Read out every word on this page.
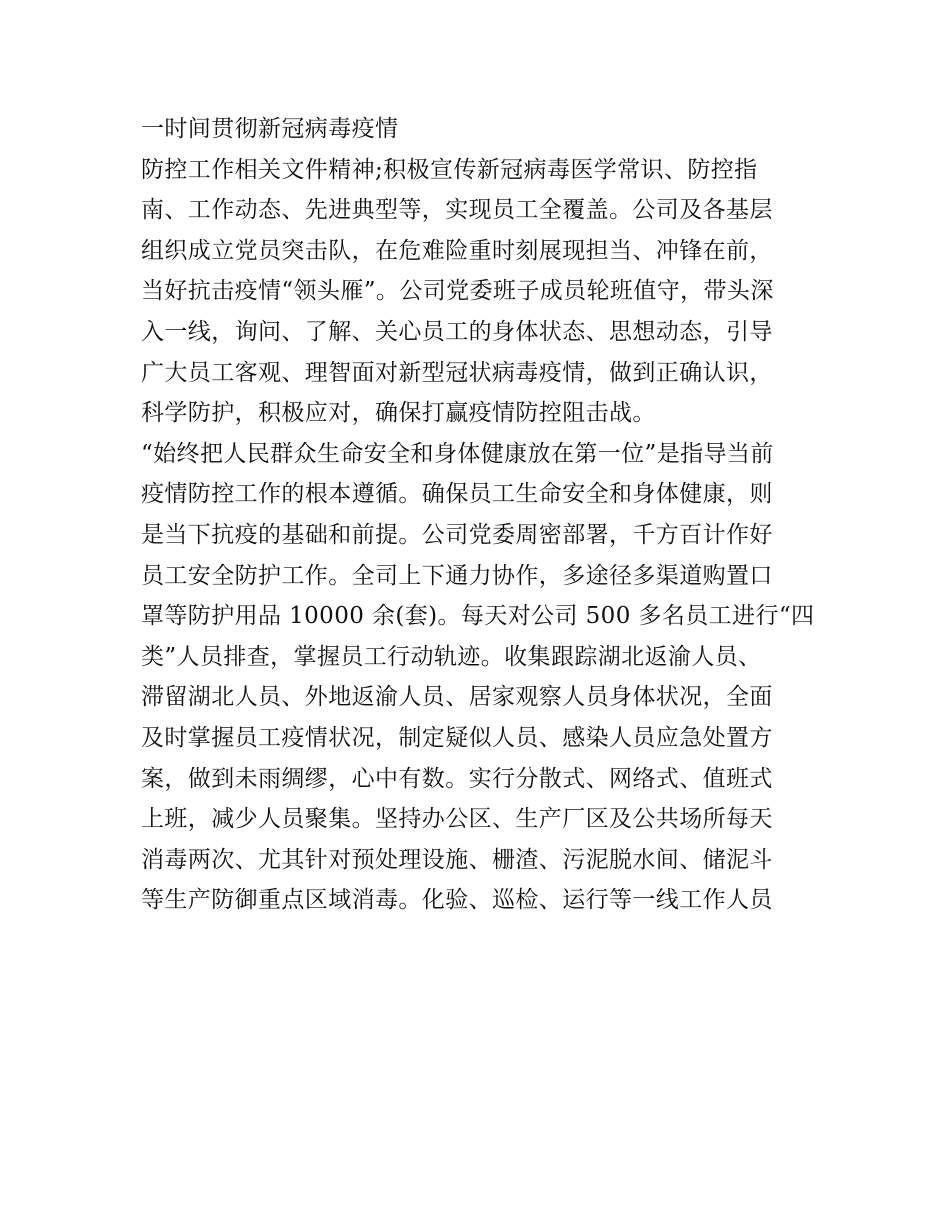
一时间贯彻新冠病毒疫情
防控工作相关文件精神;积极宣传新冠病毒医学常识、防控指
南、工作动态、先进典型等，实现员工全覆盖。公司及各基层
组织成立党员突击队，在危难险重时刻展现担当、冲锋在前，
当好抗击疫情“领头雁”。公司党委班子成员轮班值守，带头深
入一线，询问、了解、关心员工的身体状态、思想动态，引导
广大员工客观、理智面对新型冠状病毒疫情，做到正确认识，
科学防护，积极应对，确保打赢疫情防控阻击战。
“始终把人民群众生命安全和身体健康放在第一位”是指导当前
疫情防控工作的根本遵循。确保员工生命安全和身体健康，则
是当下抗疫的基础和前提。公司党委周密部署，千方百计作好
员工安全防护工作。全司上下通力协作，多途径多渠道购置口
罩等防护用品 10000 余(套)。每天对公司 500 多名员工进行“四
类”人员排查，掌握员工行动轨迹。收集跟踪湖北返渝人员、
滞留湖北人员、外地返渝人员、居家观察人员身体状况，全面
及时掌握员工疫情状况，制定疑似人员、感染人员应急处置方
案，做到未雨绸缪，心中有数。实行分散式、网络式、值班式
上班，减少人员聚集。坚持办公区、生产厂区及公共场所每天
消毒两次、尤其针对预处理设施、栅渣、污泥脱水间、储泥斗
等生产防御重点区域消毒。化验、巡检、运行等一线工作人员
